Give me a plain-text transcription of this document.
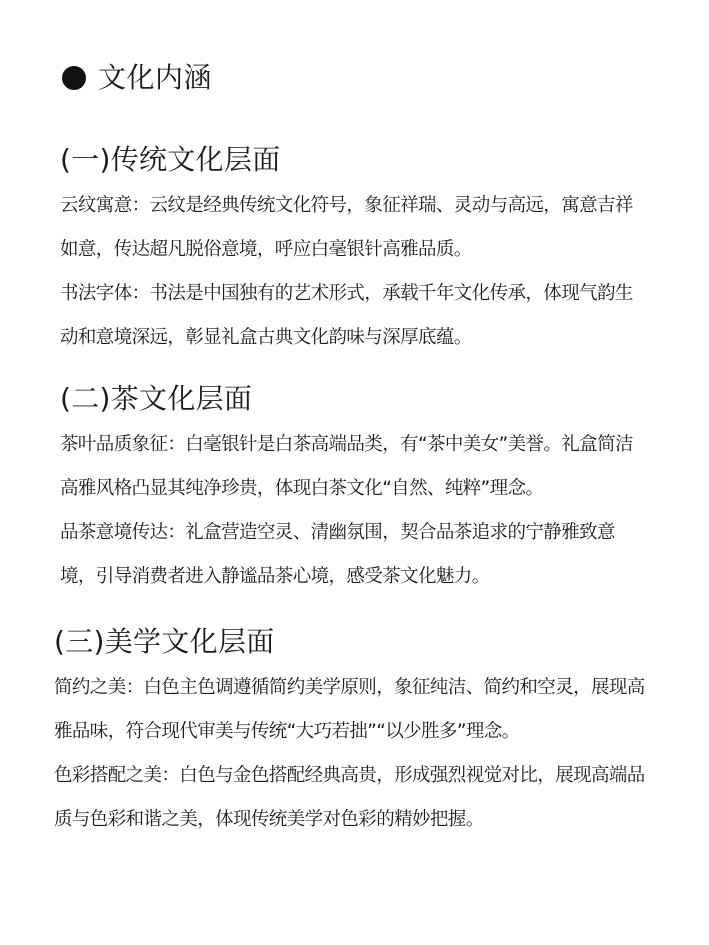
文化内涵
(一)传统文化层面

云纹寓意：云纹是经典传统文化符号，象征祥瑞、灵动与高远，寓意吉祥如意，传达超凡脱俗意境，呼应白毫银针高雅品质。

书法字体：书法是中国独有的艺术形式，承载千年文化传承，体现气韵生动和意境深远，彰显礼盒古典文化韵味与深厚底蕴。

(二)茶文化层面

茶叶品质象征：白毫银针是白茶高端品类，有“茶中美女”美誉。礼盒简洁高雅风格凸显其纯净珍贵，体现白茶文化“自然、纯粹”理念。

品茶意境传达：礼盒营造空灵、清幽氛围，契合品茶追求的宁静雅致意境，引导消费者进入静谧品茶心境，感受茶文化魅力。

(三)美学文化层面

简约之美：白色主色调遵循简约美学原则，象征纯洁、简约和空灵，展现高雅品味，符合现代审美与传统“大巧若拙”“以少胜多”理念。

色彩搭配之美：白色与金色搭配经典高贵，形成强烈视觉对比，展现高端品质与色彩和谐之美，体现传统美学对色彩的精妙把握。
